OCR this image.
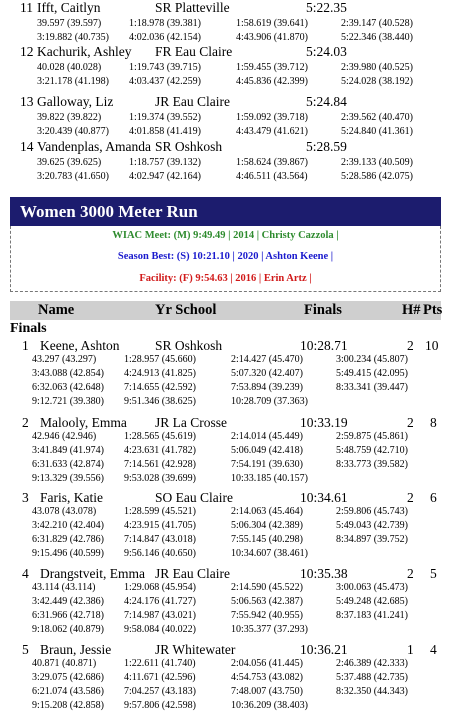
11 Ifft, Caitlyn	SR Platteville	5:22.35
39.597 (39.597)	1:18.978 (39.381)	1:58.619 (39.641)	2:39.147 (40.528)
3:19.882 (40.735) 4:02.036 (42.154)	4:43.906 (41.870)	5:22.346 (38.440)
12 Kachurik, Ashley FR Eau Claire	5:24.03
40.028 (40.028)	1:19.743 (39.715)	1:59.455 (39.712)	2:39.980 (40.525)
3:21.178 (41.198) 4:03.437 (42.259)	4:45.836 (42.399)	5:24.028 (38.192)
13 Galloway, Liz	JR Eau Claire	5:24.84
39.822 (39.822)	1:19.374 (39.552)	1:59.092 (39.718)	2:39.562 (40.470)
3:20.439 (40.877) 4:01.858 (41.419)	4:43.479 (41.621)	5:24.840 (41.361)
14 Vandenplas, Amanda SR Oshkosh	5:28.59
39.625 (39.625)	1:18.757 (39.132)	1:58.624 (39.867)	2:39.133 (40.509)
3:20.783 (41.650) 4:02.947 (42.164)	4:46.511 (43.564)	5:28.586 (42.075)
Women 3000 Meter Run
WIAC Meet: (M) 9:49.49 | 2014 | Christy Cazzola |
Season Best: (S) 10:21.10 | 2020 | Ashton Keene |
Facility: (F) 9:54.63 | 2016 | Erin Artz |
Name	Yr School	Finals	H# Pts
Finals
1 Keene, Ashton	SR Oshkosh	10:28.71	2 10
43.297 (43.297)	1:28.957 (45.660)	2:14.427 (45.470)	3:00.234 (45.807)
3:43.088 (42.854) 4:24.913 (41.825)	5:07.320 (42.407)	5:49.415 (42.095)
6:32.063 (42.648) 7:14.655 (42.592)	7:53.894 (39.239)	8:33.341 (39.447)
9:12.721 (39.380) 9:51.346 (38.625)	10:28.709 (37.363)
2 Malooly, Emma JR La Crosse	10:33.19	2 8
42.946 (42.946)	1:28.565 (45.619)	2:14.014 (45.449)	2:59.875 (45.861)
3:41.849 (41.974) 4:23.631 (41.782)	5:06.049 (42.418)	5:48.759 (42.710)
6:31.633 (42.874) 7:14.561 (42.928)	7:54.191 (39.630)	8:33.773 (39.582)
9:13.329 (39.556) 9:53.028 (39.699)	10:33.185 (40.157)
3 Faris, Katie	SO Eau Claire	10:34.61	2 6
43.078 (43.078)	1:28.599 (45.521)	2:14.063 (45.464)	2:59.806 (45.743)
3:42.210 (42.404) 4:23.915 (41.705)	5:06.304 (42.389)	5:49.043 (42.739)
6:31.829 (42.786) 7:14.847 (43.018)	7:55.145 (40.298)	8:34.897 (39.752)
9:15.496 (40.599) 9:56.146 (40.650)	10:34.607 (38.461)
4 Drangstveit, Emma JR Eau Claire	10:35.38	2 5
43.114 (43.114)	1:29.068 (45.954)	2:14.590 (45.522)	3:00.063 (45.473)
3:42.449 (42.386) 4:24.176 (41.727)	5:06.563 (42.387)	5:49.248 (42.685)
6:31.966 (42.718) 7:14.987 (43.021)	7:55.942 (40.955)	8:37.183 (41.241)
9:18.062 (40.879) 9:58.084 (40.022)	10:35.377 (37.293)
5 Braun, Jessie	JR Whitewater	10:36.21	1 4
40.871 (40.871)	1:22.611 (41.740)	2:04.056 (41.445)	2:46.389 (42.333)
3:29.075 (42.686) 4:11.671 (42.596)	4:54.753 (43.082)	5:37.488 (42.735)
6:21.074 (43.586) 7:04.257 (43.183)	7:48.007 (43.750)	8:32.350 (44.343)
9:15.208 (42.858) 9:57.806 (42.598)	10:36.209 (38.403)
